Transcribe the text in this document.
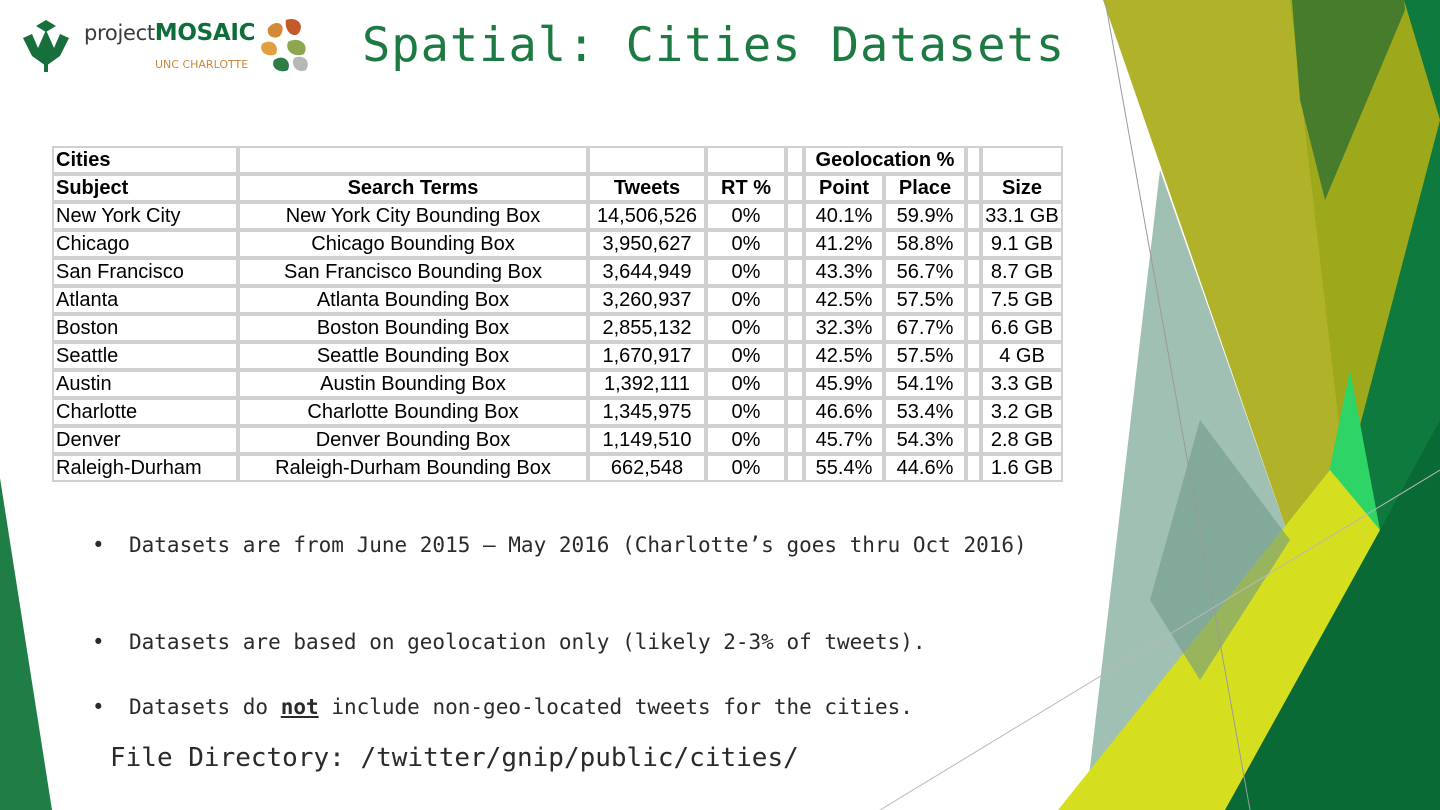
projectMOSAIC
UNC CHARLOTTE Spatial: Cities Datasets
Cities					Geolocation %			
Subject	Search Terms	Tweets	RT %		Point	Place		Size
New York City	New York City Bounding Box	14,506,526	0%		40.1%	59.9%		33.1 GB
Chicago	Chicago Bounding Box	3,950,627	0%		41.2%	58.8%		9.1 GB
San Francisco	San Francisco Bounding Box	3,644,949	0%		43.3%	56.7%		8.7 GB
Atlanta	Atlanta Bounding Box	3,260,937	0%		42.5%	57.5%		7.5 GB
Boston	Boston Bounding Box	2,855,132	0%		32.3%	67.7%		6.6 GB
Seattle	Seattle Bounding Box	1,670,917	0%		42.5%	57.5%		4 GB
Austin	Austin Bounding Box	1,392,111	0%		45.9%	54.1%		3.3 GB
Charlotte	Charlotte Bounding Box	1,345,975	0%		46.6%	53.4%		3.2 GB
Denver	Denver Bounding Box	1,149,510	0%		45.7%	54.3%		2.8 GB
Raleigh-Durham	Raleigh-Durham Bounding Box	662,548	0%		55.4%	44.6%		1.6 GB
• Datasets are from June 2015 — May 2016 (Charlotte’s goes thru Oct 2016)
• Datasets are based on geolocation only (likely 2-3% of tweets).
• Datasets do not include non-geo-located tweets for the cities.
File Directory: /twitter/gnip/public/cities/
